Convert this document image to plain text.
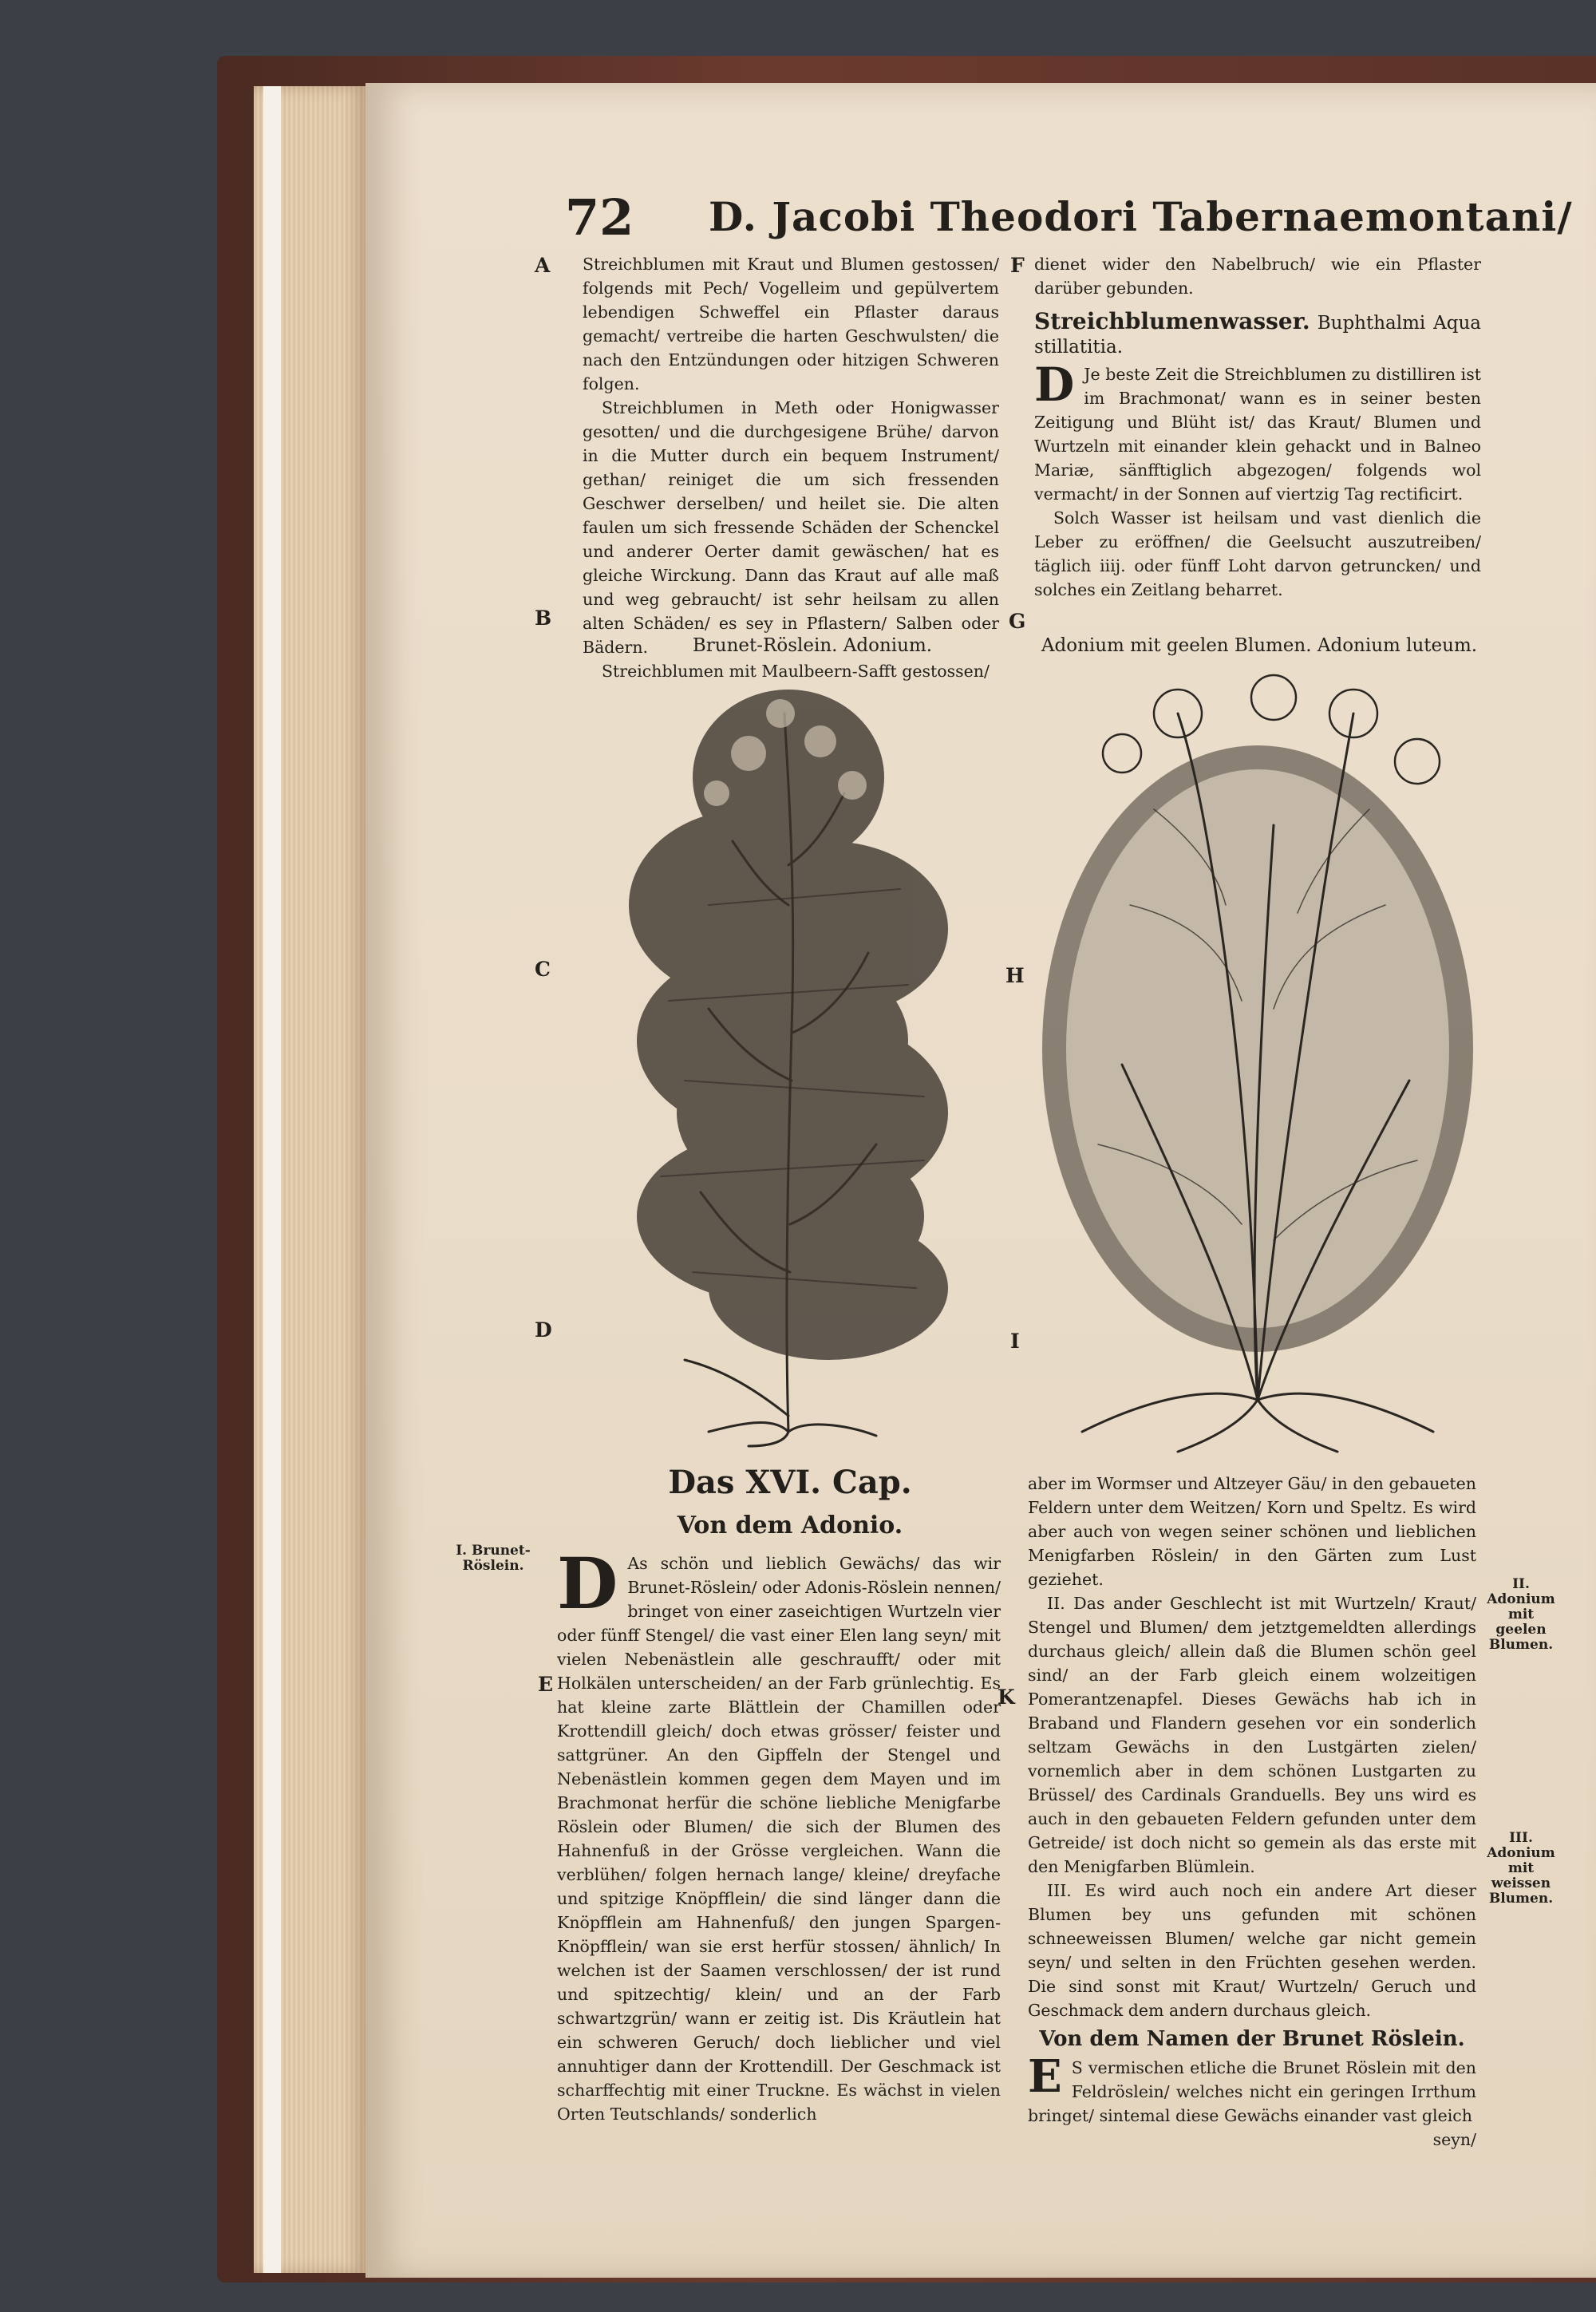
72 D. Jacobi Theodori Tabernaemontani/
A
B
C
D
E
F
G
H
I
K

Streichblumen mit Kraut und Blumen gestossen/ folgends mit Pech/ Vogelleim und gepülvertem lebendigen Schweffel ein Pflaster daraus gemacht/ vertreibe die harten Geschwulsten/ die nach den Entzündungen oder hitzigen Schweren folgen.

Streichblumen in Meth oder Honigwasser gesotten/ und die durchgesigene Brühe/ darvon in die Mutter durch ein bequem Instrument/ gethan/ reiniget die um sich fressenden Geschwer derselben/ und heilet sie. Die alten faulen um sich fressende Schäden der Schenckel und anderer Oerter damit gewäschen/ hat es gleiche Wirckung. Dann das Kraut auf alle maß und weg gebraucht/ ist sehr heilsam zu allen alten Schäden/ es sey in Pflastern/ Salben oder Bädern.

Streichblumen mit Maulbeern-Safft gestossen/

dienet wider den Nabelbruch/ wie ein Pflaster darüber gebunden.

Streichblumenwasser. Buphthalmi Aqua stillatitia.
D Je beste Zeit die Streichblumen zu distilliren ist im Brachmonat/ wann es in seiner besten Zeitigung und Blüht ist/ das Kraut/ Blumen und Wurtzeln mit einander klein gehackt und in Balneo Mariæ, sänfftiglich abgezogen/ folgends wol vermacht/ in der Sonnen auf viertzig Tag rectificirt.

Solch Wasser ist heilsam und vast dienlich die Leber zu eröffnen/ die Geelsucht auszutreiben/ täglich iiij. oder fünff Loht darvon getruncken/ und solches ein Zeitlang beharret.

Brunet-Röslein. Adonium.	Adonium mit geelen Blumen. Adonium luteum.
Das XVI. Cap.
Von dem Adonio.
D As schön und lieblich Gewächs/ das wir Brunet-Röslein/ oder Adonis-Röslein nennen/ bringet von einer zaseichtigen Wurtzeln vier oder fünff Stengel/ die vast einer Elen lang seyn/ mit vielen Nebenästlein alle geschraufft/ oder mit Holkälen unterscheiden/ an der Farb grünlechtig. Es hat kleine zarte Blättlein der Chamillen oder Krottendill gleich/ doch etwas grösser/ feister und sattgrüner. An den Gipffeln der Stengel und Nebenästlein kommen gegen dem Mayen und im Brachmonat herfür die schöne liebliche Menigfarbe Röslein oder Blumen/ die sich der Blumen des Hahnenfuß in der Grösse vergleichen. Wann die verblühen/ folgen hernach lange/ kleine/ dreyfache und spitzige Knöpfflein/ die sind länger dann die Knöpfflein am Hahnenfuß/ den jungen Spargen-Knöpfflein/ wan sie erst herfür stossen/ ähnlich/ In welchen ist der Saamen verschlossen/ der ist rund und spitzechtig/ klein/ und an der Farb schwartzgrün/ wann er zeitig ist. Dis Kräutlein hat ein schweren Geruch/ doch lieblicher und viel annuhtiger dann der Krottendill. Der Geschmack ist scharffechtig mit einer Truckne. Es wächst in vielen Orten Teutschlands/ sonderlich

aber im Wormser und Altzeyer Gäu/ in den gebaueten Feldern unter dem Weitzen/ Korn und Speltz. Es wird aber auch von wegen seiner schönen und lieblichen Menigfarben Röslein/ in den Gärten zum Lust geziehet.

II. Das ander Geschlecht ist mit Wurtzeln/ Kraut/ Stengel und Blumen/ dem jetztgemeldten allerdings durchaus gleich/ allein daß die Blumen schön geel sind/ an der Farb gleich einem wolzeitigen Pomerantzenapfel. Dieses Gewächs hab ich in Braband und Flandern gesehen vor ein sonderlich seltzam Gewächs in den Lustgärten zielen/ vornemlich aber in dem schönen Lustgarten zu Brüssel/ des Cardinals Granduells. Bey uns wird es auch in den gebaueten Feldern gefunden unter dem Getreide/ ist doch nicht so gemein als das erste mit den Menigfarben Blümlein.

III. Es wird auch noch ein andere Art dieser Blumen bey uns gefunden mit schönen schneeweissen Blumen/ welche gar nicht gemein seyn/ und selten in den Früchten gesehen werden. Die sind sonst mit Kraut/ Wurtzeln/ Geruch und Geschmack dem andern durchaus gleich.

Von dem Namen der Brunet Röslein.
E S vermischen etliche die Brunet Röslein mit den Feldröslein/ welches nicht ein geringen Irrthum bringet/ sintemal diese Gewächs einander vast gleich
seyn/
I. Brunet-Röslein.
II. Adonium mit geelen Blumen.
III. Adonium mit weissen Blumen.
